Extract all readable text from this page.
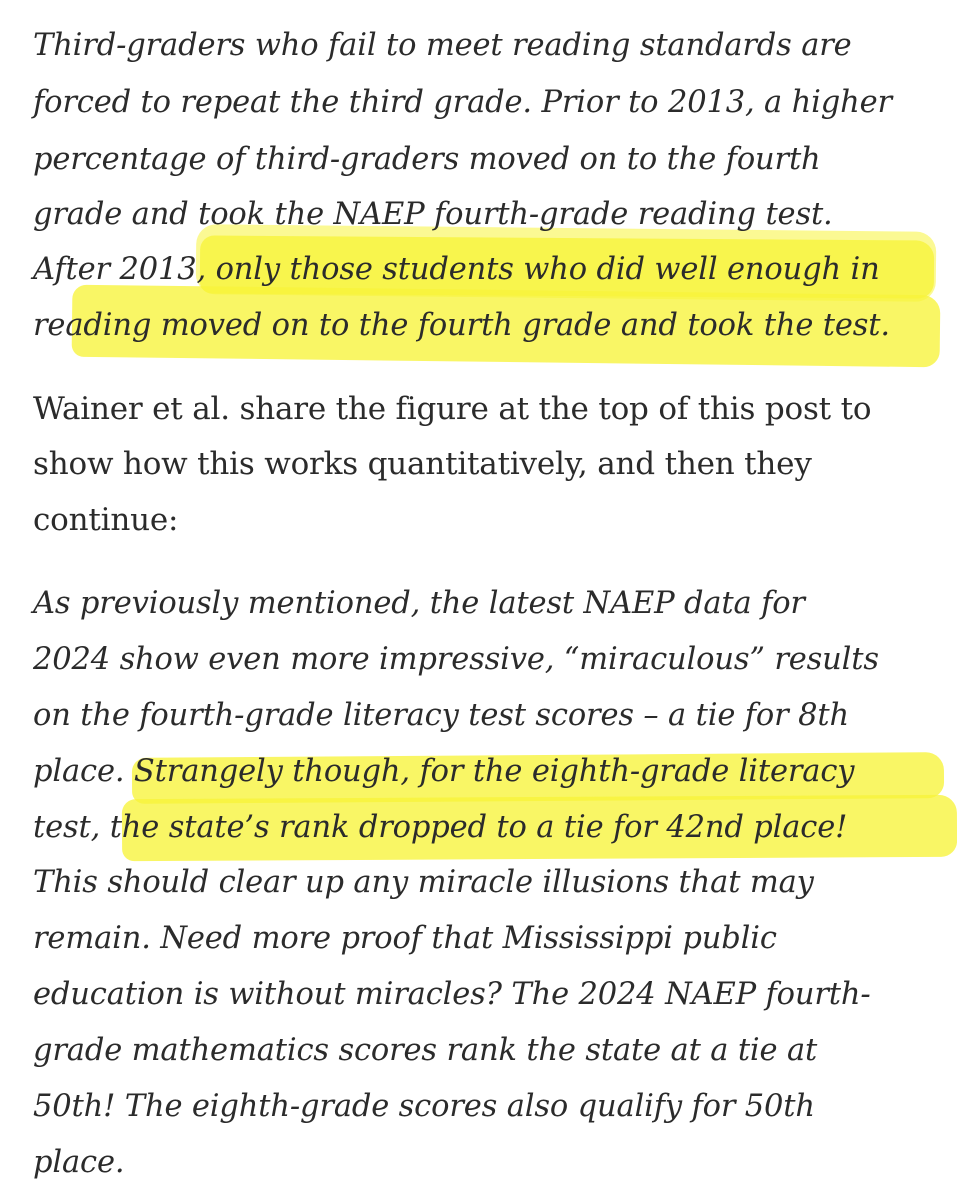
Third-graders who fail to meet reading standards are
forced to repeat the third grade. Prior to 2013, a higher
percentage of third-graders moved on to the fourth
grade and took the NAEP fourth-grade reading test.
After 2013, only those students who did well enough in
reading moved on to the fourth grade and took the test.
Wainer et al. share the figure at the top of this post to
show how this works quantitatively, and then they
continue:
As previously mentioned, the latest NAEP data for
2024 show even more impressive, “miraculous” results
on the fourth-grade literacy test scores – a tie for 8th
place. Strangely though, for the eighth-grade literacy
test, the state’s rank dropped to a tie for 42nd place!
This should clear up any miracle illusions that may
remain. Need more proof that Mississippi public
education is without miracles? The 2024 NAEP fourth-
grade mathematics scores rank the state at a tie at
50th! The eighth-grade scores also qualify for 50th
place.
